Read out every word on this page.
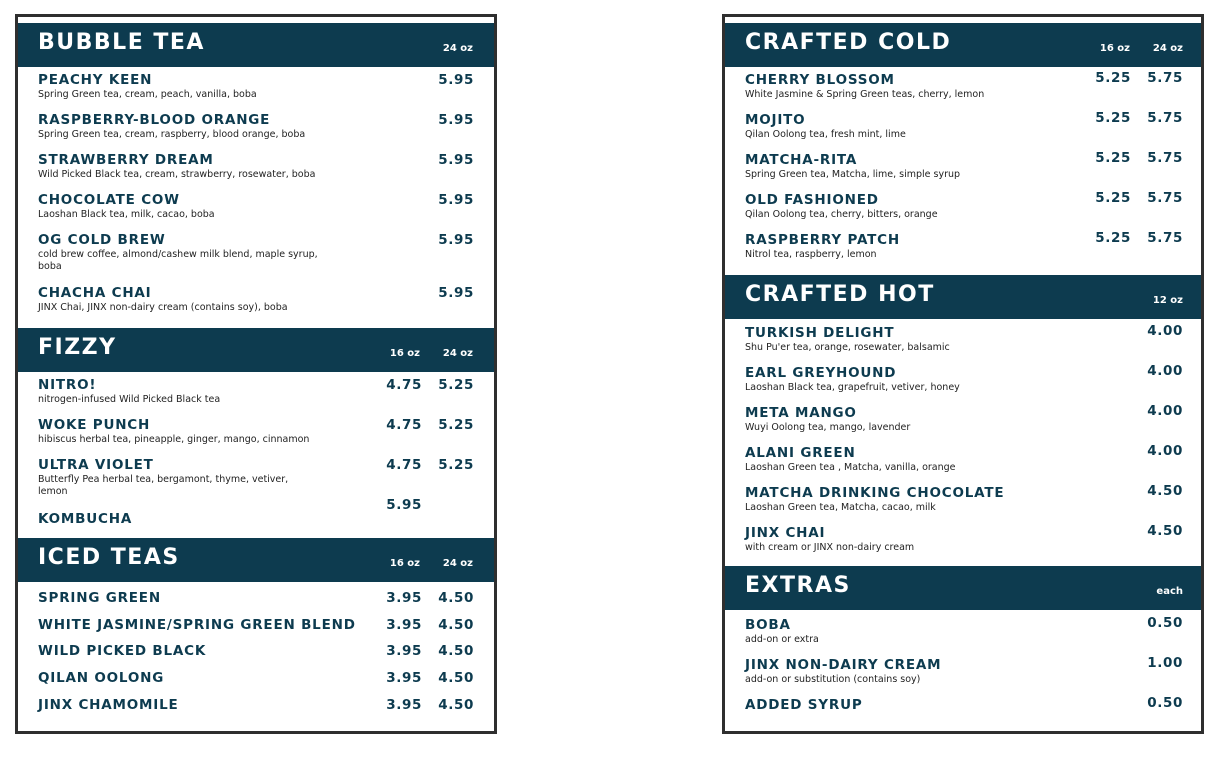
BUBBLE TEA	24 oz
PEACHY KEEN
Spring Green tea, cream, peach, vanilla, boba
5.95
RASPBERRY-BLOOD ORANGE
Spring Green tea, cream, raspberry, blood orange, boba
5.95
STRAWBERRY DREAM
Wild Picked Black tea, cream, strawberry, rosewater, boba
5.95
CHOCOLATE COW
Laoshan Black tea, milk, cacao, boba
5.95
OG COLD BREW
cold brew coffee, almond/cashew milk blend, maple syrup, boba
5.95
CHACHA CHAI
JINX Chai, JINX non-dairy cream (contains soy), boba
5.95
FIZZY	16 oz	24 oz
NITRO!
nitrogen-infused Wild Picked Black tea
4.75	5.25
WOKE PUNCH
hibiscus herbal tea, pineapple, ginger, mango, cinnamon
4.75	5.25
ULTRA VIOLET
Butterfly Pea herbal tea, bergamont, thyme, vetiver, lemon
4.75	5.25
KOMBUCHA
5.95
ICED TEAS	16 oz	24 oz
SPRING GREEN	3.95	4.50
WHITE JASMINE/SPRING GREEN BLEND	3.95	4.50
WILD PICKED BLACK	3.95	4.50
QILAN OOLONG	3.95	4.50
JINX CHAMOMILE	3.95	4.50
CRAFTED COLD	16 oz	24 oz
CHERRY BLOSSOM
White Jasmine & Spring Green teas, cherry, lemon
5.25	5.75
MOJITO
Qilan Oolong tea, fresh mint, lime
5.25	5.75
MATCHA-RITA
Spring Green tea, Matcha, lime, simple syrup
5.25	5.75
OLD FASHIONED
Qilan Oolong tea, cherry, bitters, orange
5.25	5.75
RASPBERRY PATCH
Nitrol tea, raspberry, lemon
5.25	5.75
CRAFTED HOT	12 oz
TURKISH DELIGHT
Shu Pu'er tea, orange, rosewater, balsamic
4.00
EARL GREYHOUND
Laoshan Black tea, grapefruit, vetiver, honey
4.00
META MANGO
Wuyi Oolong tea, mango, lavender
4.00
ALANI GREEN
Laoshan Green tea , Matcha, vanilla, orange
4.00
MATCHA DRINKING CHOCOLATE
Laoshan Green tea, Matcha, cacao, milk
4.50
JINX CHAI
with cream or JINX non-dairy cream
4.50
EXTRAS	each
BOBA
add-on or extra
0.50
JINX NON-DAIRY CREAM
add-on or substitution (contains soy)
1.00
ADDED SYRUP	0.50
